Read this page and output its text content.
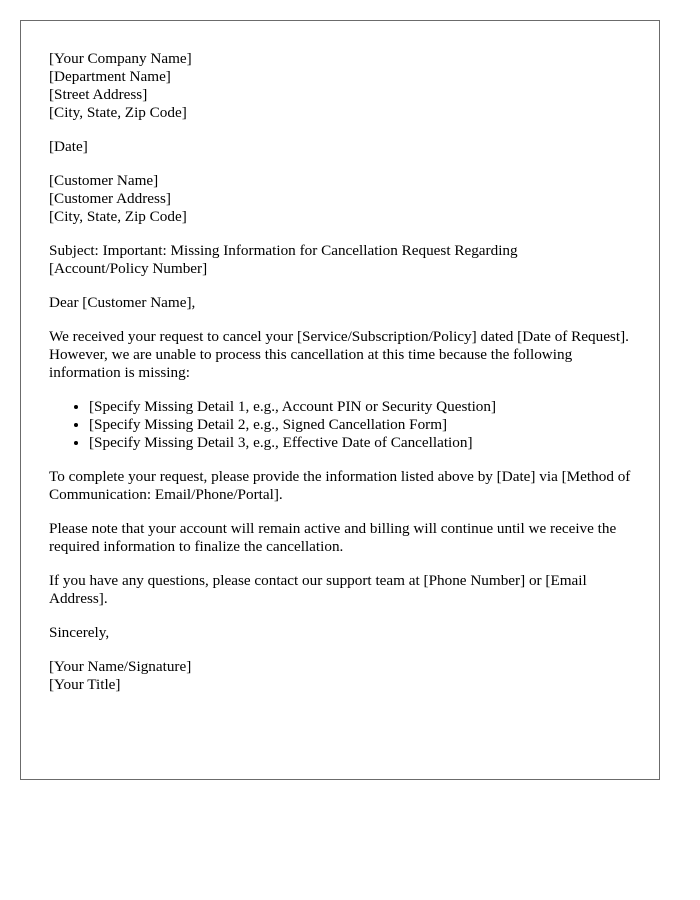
[Your Company Name]
[Department Name]
[Street Address]
[City, State, Zip Code]
[Date]
[Customer Name]
[Customer Address]
[City, State, Zip Code]
Subject: Important: Missing Information for Cancellation Request Regarding
[Account/Policy Number]

Dear [Customer Name],

We received your request to cancel your [Service/Subscription/Policy] dated [Date of Request]. However, we are unable to process this cancellation at this time because the following information is missing:

• [Specify Missing Detail 1, e.g., Account PIN or Security Question]
• [Specify Missing Detail 2, e.g., Signed Cancellation Form]
• [Specify Missing Detail 3, e.g., Effective Date of Cancellation]

To complete your request, please provide the information listed above by [Date] via [Method of Communication: Email/Phone/Portal].

Please note that your account will remain active and billing will continue until we receive the required information to finalize the cancellation.

If you have any questions, please contact our support team at [Phone Number] or [Email Address].

Sincerely,

[Your Name/Signature]
[Your Title]
